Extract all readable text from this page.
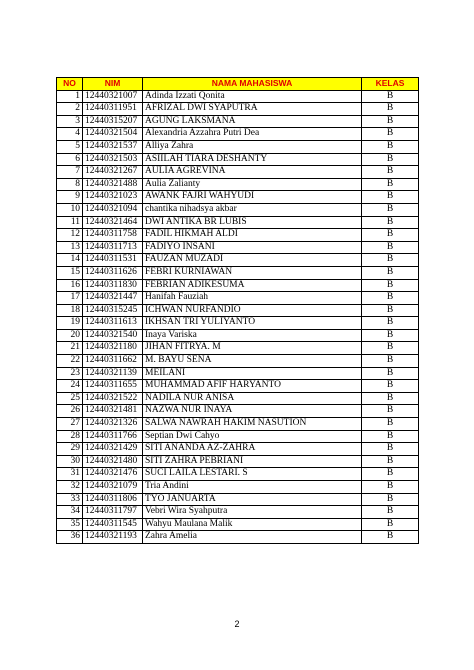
NO	NIM	NAMA MAHASISWA	KELAS
1	12440321007	Adinda Izzati Qonita	B
2	12440311951	AFRIZAL DWI SYAPUTRA	B
3	12440315207	AGUNG LAKSMANA	B
4	12440321504	Alexandria Azzahra Putri Dea	B
5	12440321537	Alliya Zahra	B
6	12440321503	ASIILAH TIARA DESHANTY	B
7	12440321267	AULIA AGREVINA	B
8	12440321488	Aulia Zalianty	B
9	12440321023	AWANK FAJRI WAHYUDI	B
10	12440321094	chantika nihadsya akbar	B
11	12440321464	DWI ANTIKA BR LUBIS	B
12	12440311758	FADIL HIKMAH ALDI	B
13	12440311713	FADIYO INSANI	B
14	12440311531	FAUZAN MUZADI	B
15	12440311626	FEBRI KURNIAWAN	B
16	12440311830	FEBRIAN ADIKESUMA	B
17	12440321447	Hanifah Fauziah	B
18	12440315245	ICHWAN NURFANDIO	B
19	12440311613	IKHSAN TRI YULIYANTO	B
20	12440321540	Inaya Variska	B
21	12440321180	JIHAN FITRYA. M	B
22	12440311662	M. BAYU SENA	B
23	12440321139	MEILANI	B
24	12440311655	MUHAMMAD AFIF HARYANTO	B
25	12440321522	NADILA NUR ANISA	B
26	12440321481	NAZWA NUR INAYA	B
27	12440321326	SALWA NAWRAH HAKIM NASUTION	B
28	12440311766	Septian Dwi Cahyo	B
29	12440321429	SITI ANANDA AZ-ZAHRA	B
30	12440321480	SITI ZAHRA PEBRIANI	B
31	12440321476	SUCI LAILA LESTARI. S	B
32	12440321079	Tria Andini	B
33	12440311806	TYO JANUARTA	B
34	12440311797	Vebri Wira Syahputra	B
35	12440311545	Wahyu Maulana Malik	B
36	12440321193	Zahra Amelia	B
2
